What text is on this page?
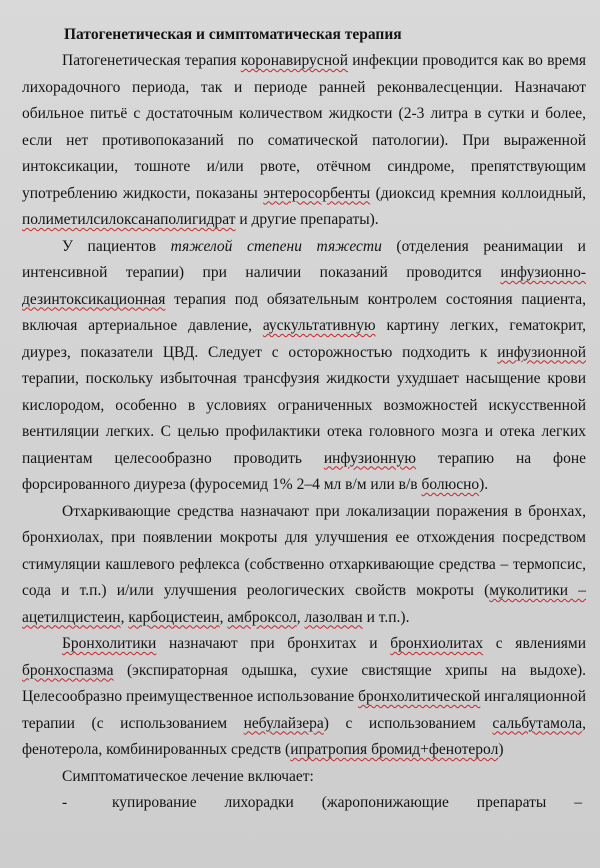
Патогенетическая и симптоматическая терапия

Патогенетическая терапия коронавирусной инфекции проводится как во время лихорадочного периода, так и периоде ранней реконвалесценции. Назначают обильное питьё с достаточным количеством жидкости (2-3 литра в сутки и более, если нет противопоказаний по соматической патологии). При выраженной интоксикации, тошноте и/или рвоте, отёчном синдроме, препятствующим употреблению жидкости, показаны энтеросорбенты (диоксид кремния коллоидный, полиметилсилоксанаполигидрат и другие препараты).

У пациентов тяжелой степени тяжести (отделения реанимации и интенсивной терапии) при наличии показаний проводится инфузионно-дезинтоксикационная терапия под обязательным контролем состояния пациента, включая артериальное давление, аускультативную картину легких, гематокрит, диурез, показатели ЦВД. Следует с осторожностью подходить к инфузионной терапии, поскольку избыточная трансфузия жидкости ухудшает насыщение крови кислородом, особенно в условиях ограниченных возможностей искусственной вентиляции легких. С целью профилактики отека головного мозга и отека легких пациентам целесообразно проводить инфузионную терапию на фоне форсированного диуреза (фуросемид 1% 2–4 мл в/м или в/в болюсно).

Отхаркивающие средства назначают при локализации поражения в бронхах, бронхиолах, при появлении мокроты для улучшения ее отхождения посредством стимуляции кашлевого рефлекса (собственно отхаркивающие средства – термопсис, сода и т.п.) и/или улучшения реологических свойств мокроты (муколитики – ацетилцистеин, карбоцистеин, амброксол, лазолван и т.п.).

Бронхолитики назначают при бронхитах и бронхиолитах с явлениями бронхоспазма (экспираторная одышка, сухие свистящие хрипы на выдохе). Целесообразно преимущественное использование бронхолитической ингаляционной терапии (с использованием небулайзера) с использованием сальбутамола, фенотерола, комбинированных средств (ипратропия бромид+фенотерол)

Симптоматическое лечение включает:

-	купирование лихорадки (жаропонижающие препараты –
